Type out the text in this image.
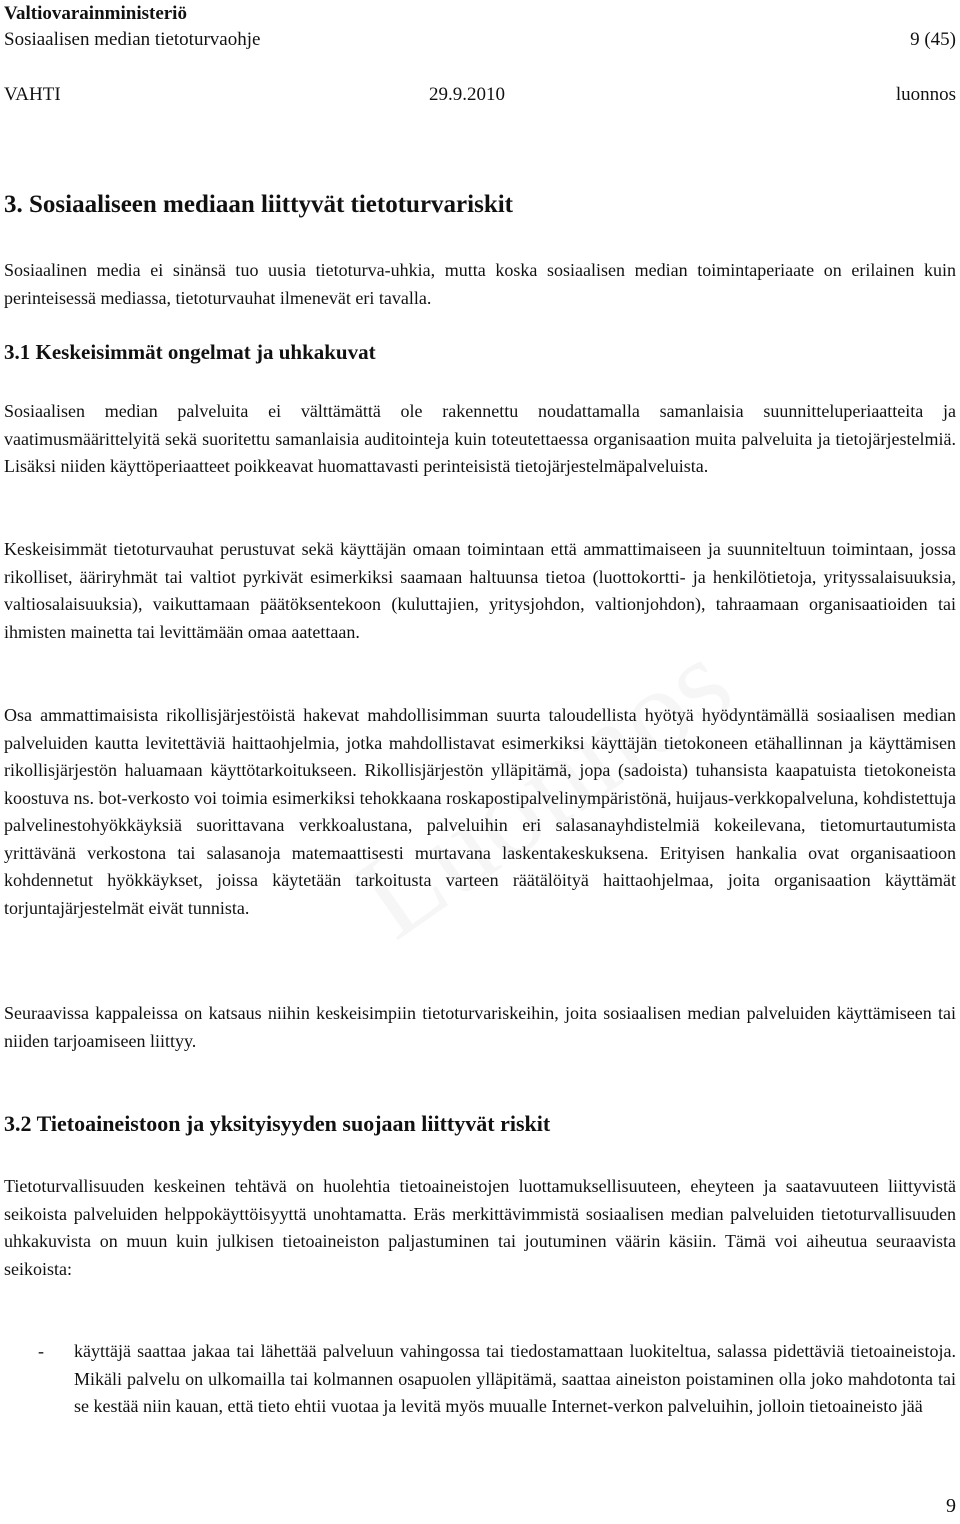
Valtiovarainministeriö
Sosiaalisen median tietoturvaohje	9 (45)
VAHTI	29.9.2010	luonnos
3. Sosiaaliseen mediaan liittyvät tietoturvariskit
Sosiaalinen media ei sinänsä tuo uusia tietoturva-uhkia, mutta koska sosiaalisen median toimintaperiaate on erilainen kuin perinteisessä mediassa, tietoturvauhat ilmenevät eri tavalla.
3.1 Keskeisimmät ongelmat ja uhkakuvat
Sosiaalisen median palveluita ei välttämättä ole rakennettu noudattamalla samanlaisia suunnitteluperiaatteita ja vaatimusmäärittelyitä sekä suoritettu samanlaisia auditointeja kuin toteutettaessa organisaation muita palveluita ja tietojärjestelmiä. Lisäksi niiden käyttöperiaatteet poikkeavat huomattavasti perinteisistä tietojärjestelmäpalveluista.
Keskeisimmät tietoturvauhat perustuvat sekä käyttäjän omaan toimintaan että ammattimaiseen ja suunniteltuun toimintaan, jossa rikolliset, ääriryhmät tai valtiot pyrkivät esimerkiksi saamaan haltuunsa tietoa (luottokortti- ja henkilötietoja, yrityssalaisuuksia, valtiosalaisuuksia), vaikuttamaan päätöksentekoon (kuluttajien, yritysjohdon, valtionjohdon), tahraamaan organisaatioiden tai ihmisten mainetta tai levittämään omaa aatettaan.
Osa ammattimaisista rikollisjärjestöistä hakevat mahdollisimman suurta taloudellista hyötyä hyödyntämällä sosiaalisen median palveluiden kautta levitettäviä haittaohjelmia, jotka mahdollistavat esimerkiksi käyttäjän tietokoneen etähallinnan ja käyttämisen rikollisjärjestön haluamaan käyttötarkoitukseen. Rikollisjärjestön ylläpitämä, jopa (sadoista) tuhansista kaapatuista tietokoneista koostuva ns. bot-verkosto voi toimia esimerkiksi tehokkaana roskapostipalvelinympäristönä, huijaus-verkkopalveluna, kohdistettuja palvelinestohyökkäyksiä suorittavana verkkoalustana, palveluihin eri salasanayhdistelmiä kokeilevana, tietomurtautumista yrittävänä verkostona tai salasanoja matemaattisesti murtavana laskentakeskuksena. Erityisen hankalia ovat organisaatioon kohdennetut hyökkäykset, joissa käytetään tarkoitusta varteen räätälöityä haittaohjelmaa, joita organisaation käyttämät torjuntajärjestelmät eivät tunnista.
Seuraavissa kappaleissa on katsaus niihin keskeisimpiin tietoturvariskeihin, joita sosiaalisen median palveluiden käyttämiseen tai niiden tarjoamiseen liittyy.
3.2 Tietoaineistoon ja yksityisyyden suojaan liittyvät riskit
Tietoturvallisuuden keskeinen tehtävä on huolehtia tietoaineistojen luottamuksellisuuteen, eheyteen ja saatavuuteen liittyvistä seikoista palveluiden helppokäyttöisyyttä unohtamatta. Eräs merkittävimmistä sosiaalisen median palveluiden tietoturvallisuuden uhkakuvista on muun kuin julkisen tietoaineiston paljastuminen tai joutuminen väärin käsiin. Tämä voi aiheutua seuraavista seikoista:
- käyttäjä saattaa jakaa tai lähettää palveluun vahingossa tai tiedostamattaan luokiteltua, salassa pidettäviä tietoaineistoja. Mikäli palvelu on ulkomailla tai kolmannen osapuolen ylläpitämä, saattaa aineiston poistaminen olla joko mahdotonta tai se kestää niin kauan, että tieto ehtii vuotaa ja levitä myös muualle Internet-verkon palveluihin, jolloin tietoaineisto jää
9
